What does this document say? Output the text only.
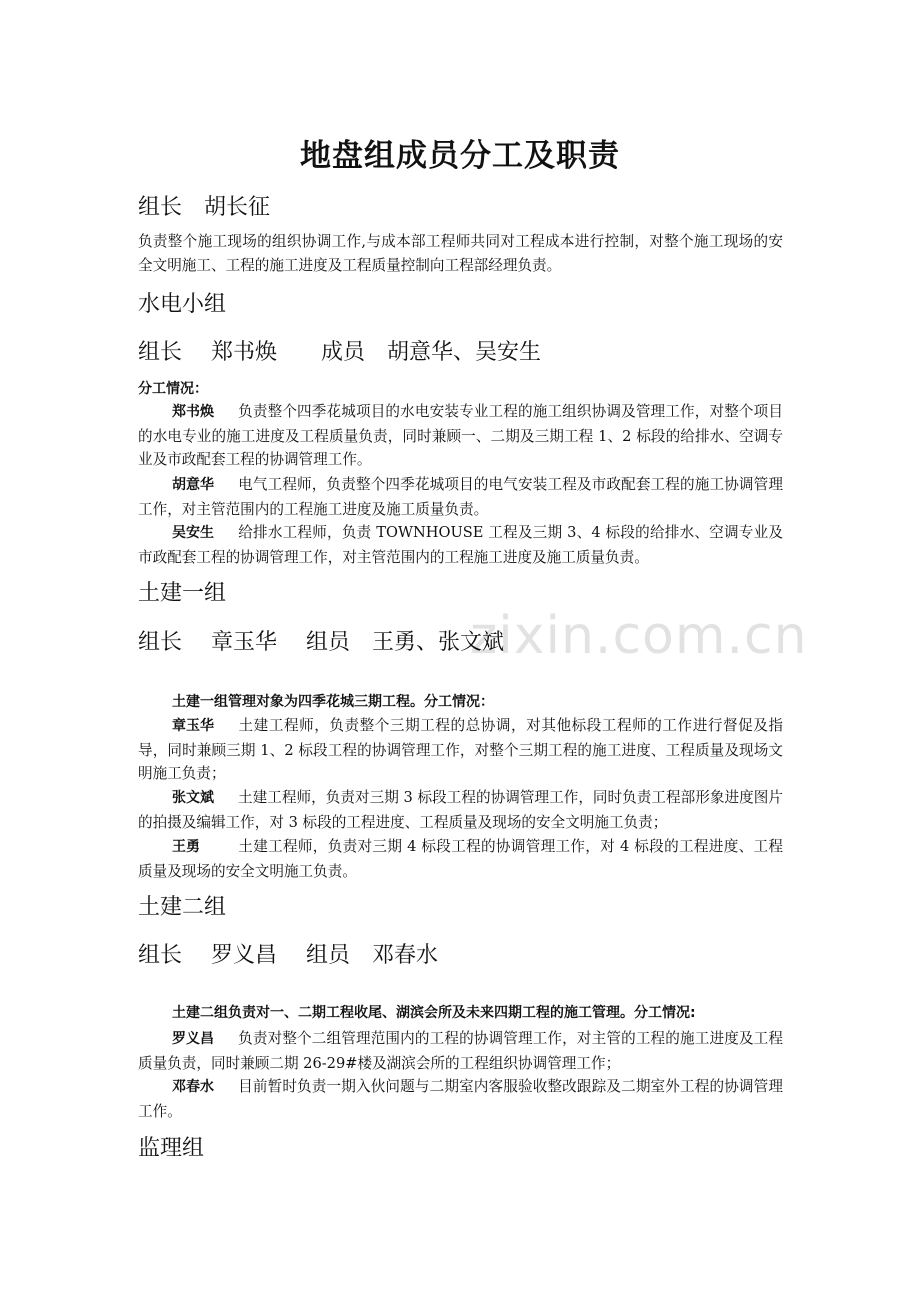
zixin.com.cn
地盘组成员分工及职责
组长　胡长征
负责整个施工现场的组织协调工作,与成本部工程师共同对工程成本进行控制，对整个施工现场的安全文明施工、工程的施工进度及工程质量控制向工程部经理负责。
水电小组
组长　 郑书焕　　成员　胡意华、吴安生
分工情况：
郑书焕 负责整个四季花城项目的水电安装专业工程的施工组织协调及管理工作，对整个项目的水电专业的施工进度及工程质量负责，同时兼顾一、二期及三期工程 1、2 标段的给排水、空调专业及市政配套工程的协调管理工作。
胡意华 电气工程师，负责整个四季花城项目的电气安装工程及市政配套工程的施工协调管理工作，对主管范围内的工程施工进度及施工质量负责。
吴安生 给排水工程师，负责 TOWNHOUSE 工程及三期 3、4 标段的给排水、空调专业及市政配套工程的协调管理工作，对主管范围内的工程施工进度及施工质量负责。
土建一组
组长　 章玉华　 组员　王勇、张文斌
土建一组管理对象为四季花城三期工程。分工情况：
章玉华 土建工程师，负责整个三期工程的总协调，对其他标段工程师的工作进行督促及指导，同时兼顾三期 1、2 标段工程的协调管理工作，对整个三期工程的施工进度、工程质量及现场文明施工负责；
张文斌 土建工程师，负责对三期 3 标段工程的协调管理工作，同时负责工程部形象进度图片的拍摄及编辑工作，对 3 标段的工程进度、工程质量及现场的安全文明施工负责；
王勇	土建工程师，负责对三期 4 标段工程的协调管理工作，对 4 标段的工程进度、工程质量及现场的安全文明施工负责。
土建二组
组长　 罗义昌　 组员　邓春水
土建二组负责对一、二期工程收尾、湖滨会所及未来四期工程的施工管理。分工情况:
罗义昌 负责对整个二组管理范围内的工程的协调管理工作，对主管的工程的施工进度及工程质量负责，同时兼顾二期 26-29#楼及湖滨会所的工程组织协调管理工作；
邓春水 目前暂时负责一期入伙问题与二期室内客服验收整改跟踪及二期室外工程的协调管理工作。
监理组
